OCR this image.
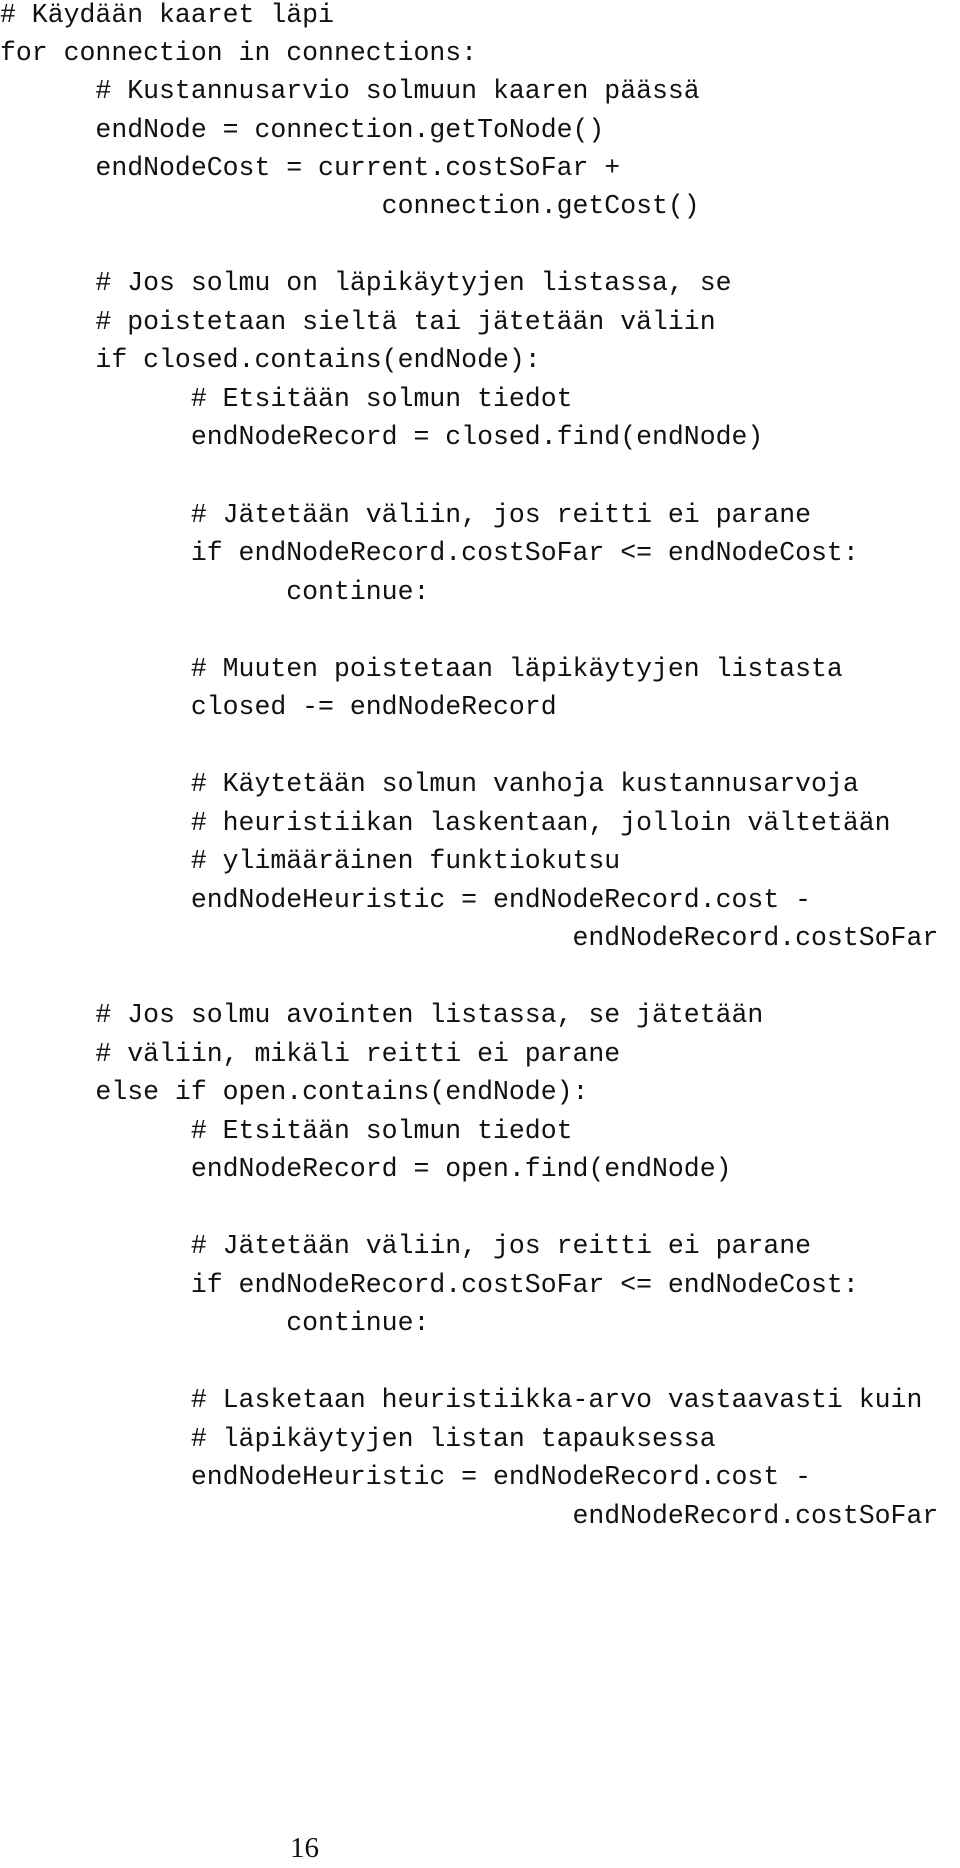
# Käydään kaaret läpi
for connection in connections:
# Kustannusarvio solmuun kaaren päässä
endNode = connection.getToNode()
endNodeCost = current.costSoFar +
connection.getCost()
# Jos solmu on läpikäytyjen listassa, se
# poistetaan sieltä tai jätetään väliin
if closed.contains(endNode):
# Etsitään solmun tiedot
endNodeRecord = closed.find(endNode)
# Jätetään väliin, jos reitti ei parane
if endNodeRecord.costSoFar <= endNodeCost:
continue:
# Muuten poistetaan läpikäytyjen listasta
closed -= endNodeRecord
# Käytetään solmun vanhoja kustannusarvoja
# heuristiikan laskentaan, jolloin vältetään
# ylimääräinen funktiokutsu
endNodeHeuristic = endNodeRecord.cost -
endNodeRecord.costSoFar
# Jos solmu avointen listassa, se jätetään
# väliin, mikäli reitti ei parane
else if open.contains(endNode):
# Etsitään solmun tiedot
endNodeRecord = open.find(endNode)
# Jätetään väliin, jos reitti ei parane
if endNodeRecord.costSoFar <= endNodeCost:
continue:
# Lasketaan heuristiikka-arvo vastaavasti kuin
# läpikäytyjen listan tapauksessa
endNodeHeuristic = endNodeRecord.cost -
endNodeRecord.costSoFar
16
